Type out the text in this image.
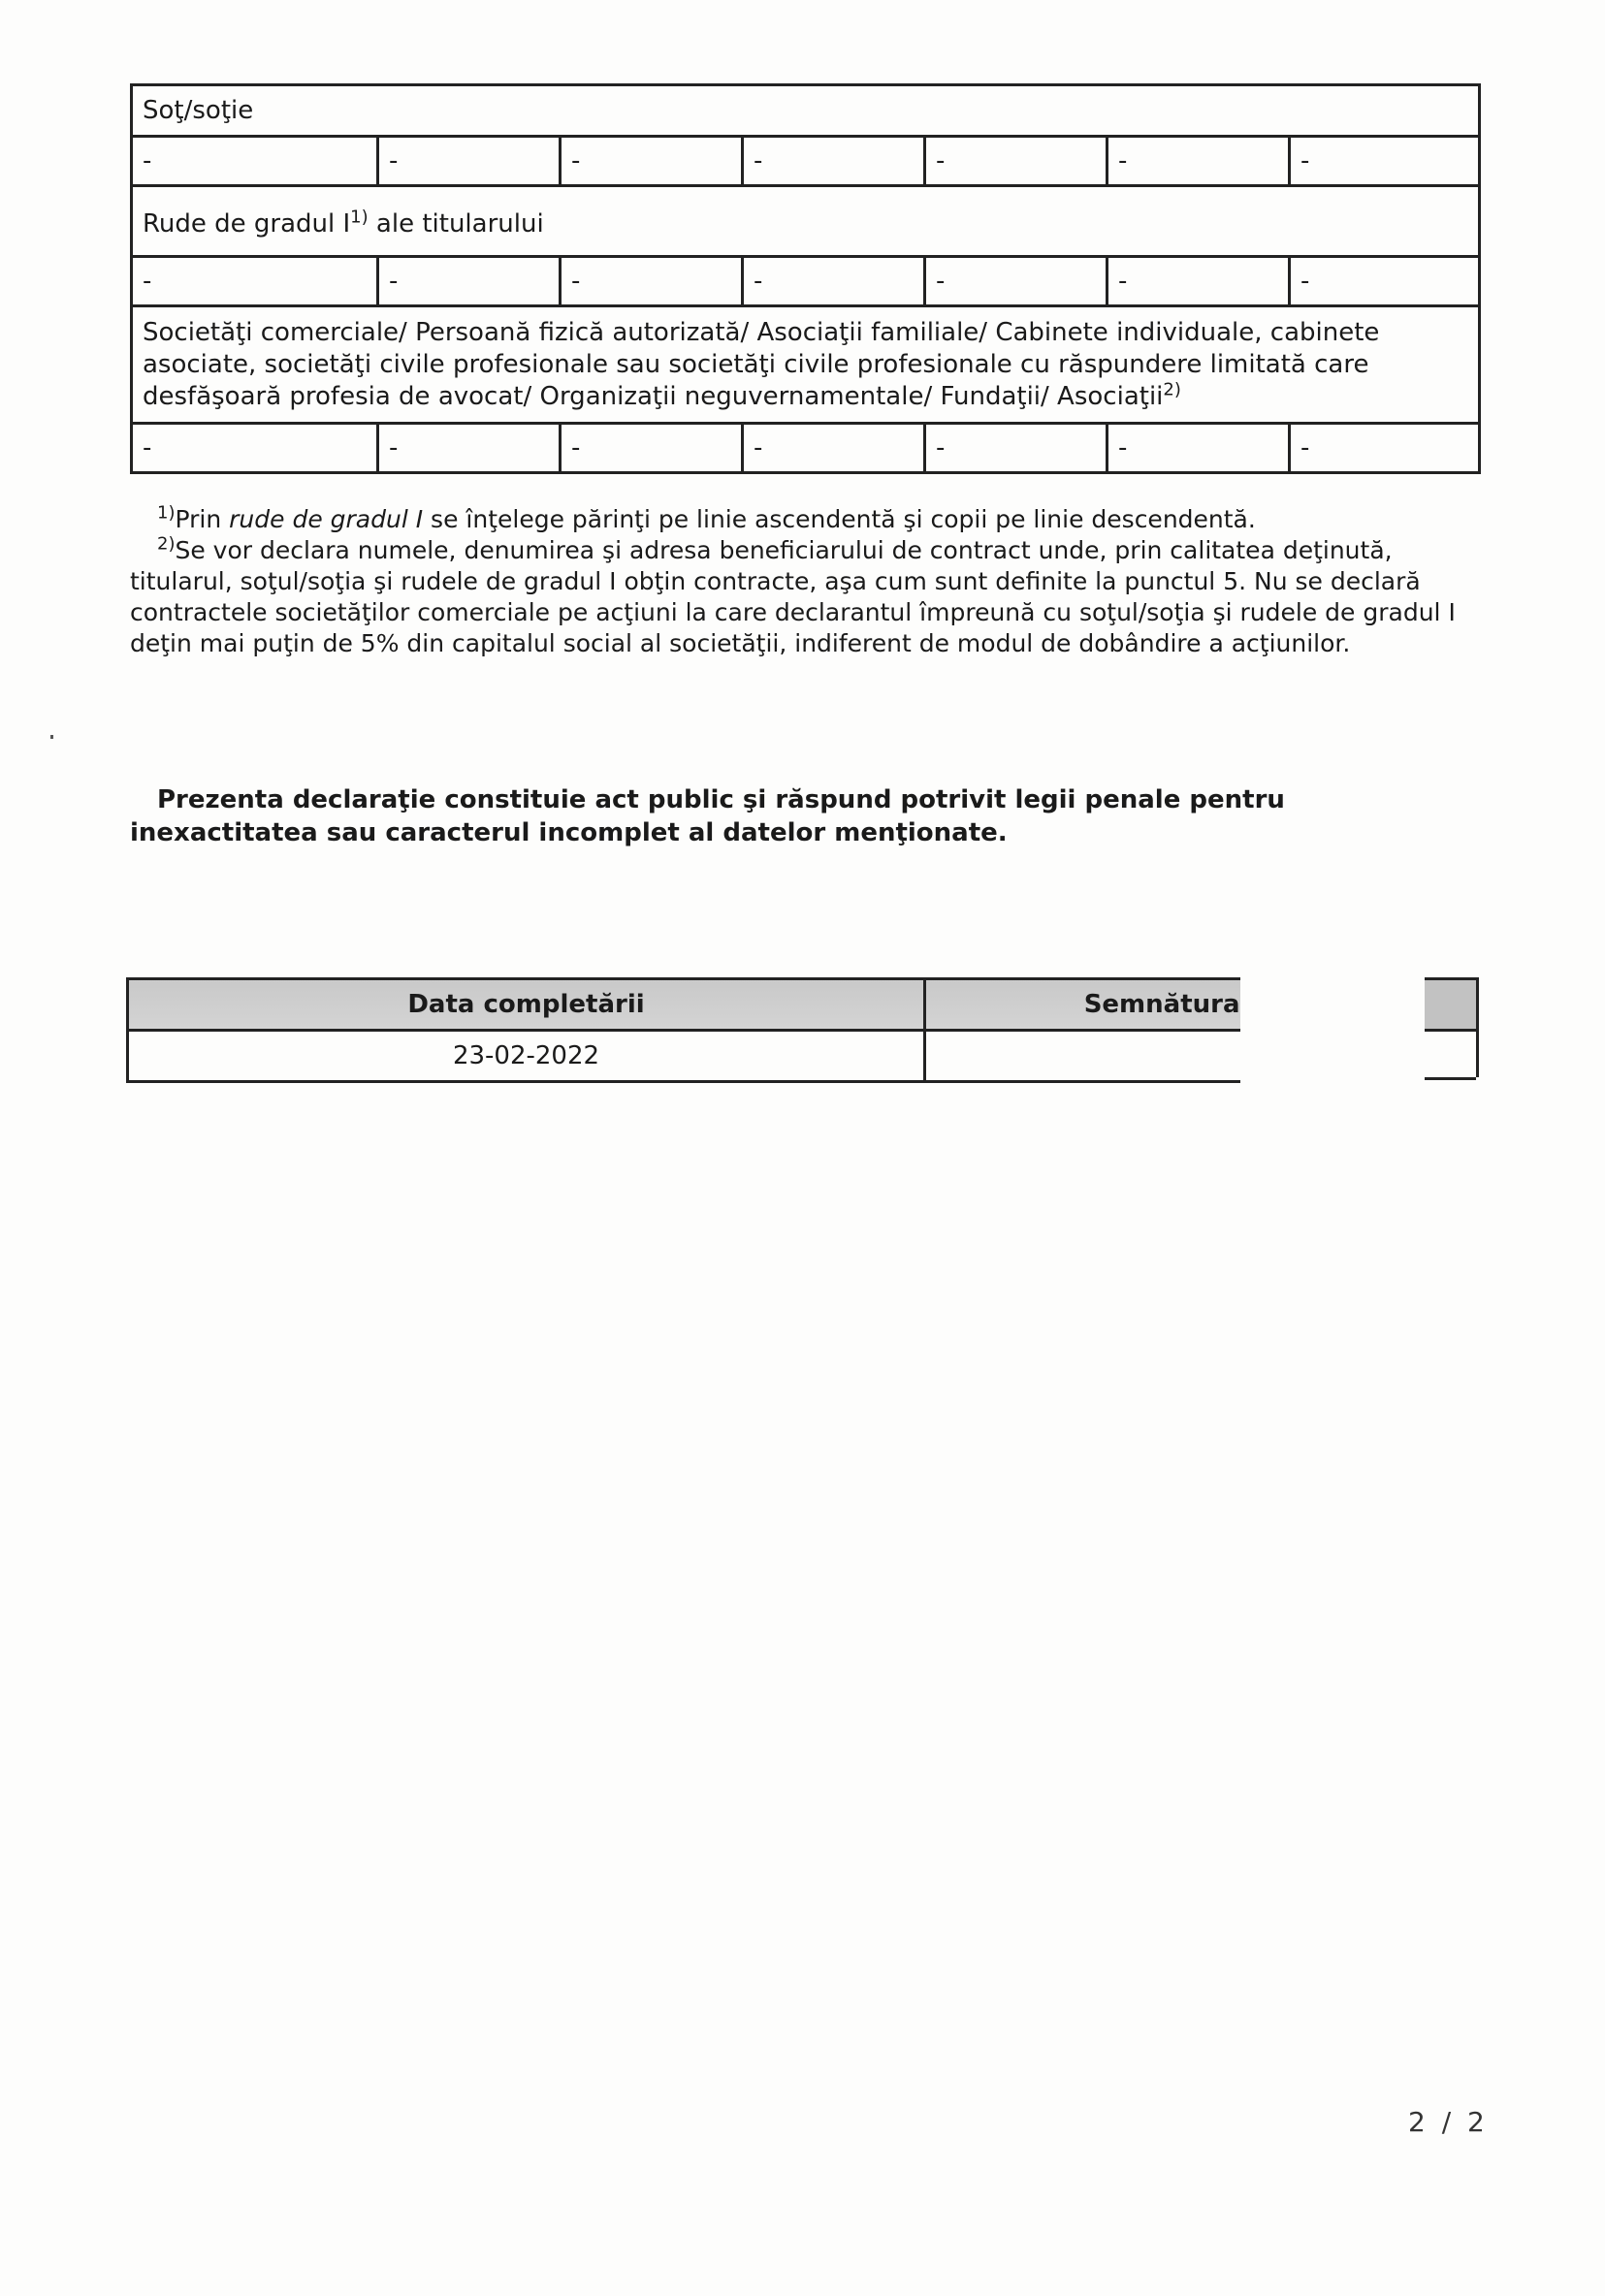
Soţ/soţie						
-	-	-	-	-	-	-
Rude de gradul $I^{1)}$ ale titularului						
-	-	-	-	-	-	-
Societăţi comerciale/ Persoană fizică autorizată/ Asociaţii familiale/ Cabinete individuale, cabinete asociate, societăţi civile profesionale sau societăţi civile profesionale cu răspundere limitată care desfăşoară profesia de avocat/ Organizaţii neguvernamentale/ Fundaţii/ Asociaţii$^{2)}$
-	-	-	-	-	-	-

$^{1)}$Prin rude de gradul I se înţelege părinţi pe linie ascendentă şi copii pe linie descendentă.

$^{2)}$Se vor declara numele, denumirea şi adresa beneficiarului de contract unde, prin calitatea deţinută, titularul, soţul/soţia şi rudele de gradul I obţin contracte, aşa cum sunt definite la punctul 5. Nu se declară contractele societăţilor comerciale pe acţiuni la care declarantul împreună cu soţul/soţia şi rudele de gradul I deţin mai puţin de 5% din capitalul social al societăţii, indiferent de modul de dobândire a acţiunilor.

Prezenta declaraţie constituie act public şi răspund potrivit legii penale pentru inexactitatea sau caracterul incomplet al datelor menţionate.

Data completării	Semnătura
23-02-2022	
2 / 2
